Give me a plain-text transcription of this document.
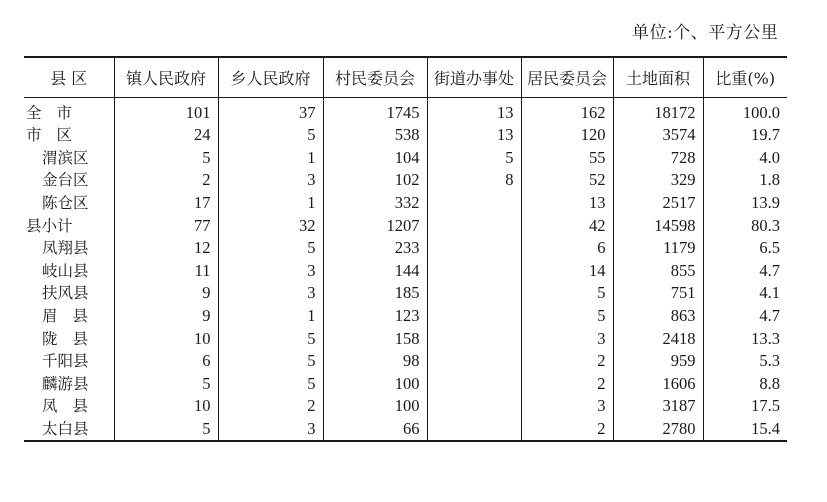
单位:个、平方公里
县 区	镇人民政府	乡人民政府	村民委员会	街道办事处	居民委员会	土地面积	比重(%)
全市	101	37	1745	13	162	18172	100.0
市区	24	5	538	13	120	3574	19.7
渭滨区	5	1	104	5	55	728	4.0
金台区	2	3	102	8	52	329	1.8
陈仓区	17	1	332		13	2517	13.9
县小计	77	32	1207		42	14598	80.3
凤翔县	12	5	233		6	1179	6.5
岐山县	11	3	144		14	855	4.7
扶风县	9	3	185		5	751	4.1
眉县	9	1	123		5	863	4.7
陇县	10	5	158		3	2418	13.3
千阳县	6	5	98		2	959	5.3
麟游县	5	5	100		2	1606	8.8
凤县	10	2	100		3	3187	17.5
太白县	5	3	66		2	2780	15.4
